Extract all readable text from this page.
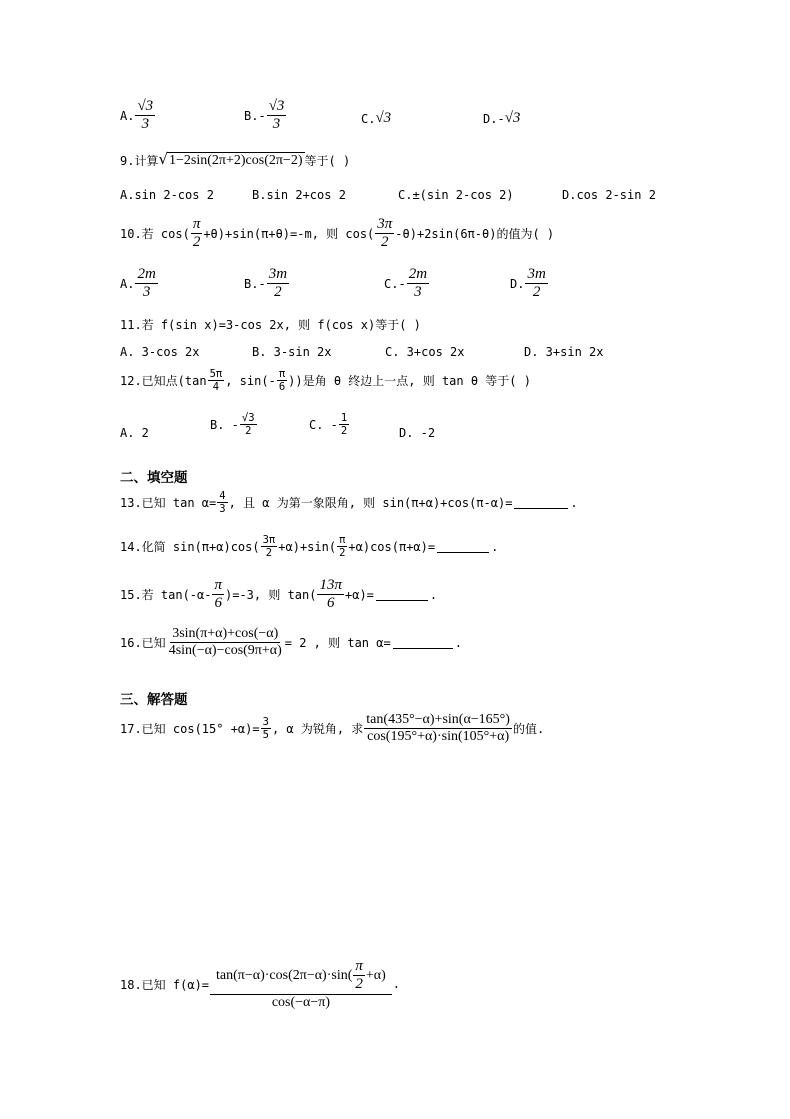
A. $\frac{√3}{3}$	$B.- \frac{√3}{3}$	C. √3	D.- √3
9.计算 √ 1−2sin(2π+2)cos(2π−2) 等于( )
A.sin 2-cos 2	B.sin 2+cos 2	C.±(sin 2-cos 2)	D.cos 2-sin 2
10.若 cos(
π
2 +θ)+sin(π+θ)=-m, 则 cos(
3π
2 -θ)+2sin(6π-θ)的值为( )
A.
2m
3
B.-
3m
2
C.-
2m
3
D.
3m
2
11.若 f(sin x)=3-cos 2x, 则 f(cos x)等于( )
A. 3-cos 2x	B. 3-sin 2x	C. 3+cos 2x	D. 3+sin 2x
12.已知点(tan
5π
4 , sin(- π
6 ))是角 θ 终边上一点, 则 tan θ 等于( )
A. 2
B. - √3
2	C. - 1
2	D. -2
二、填空题
13.已知 $\tan \alpha= \frac{4}{3}$ , 且 α 为第一象限角, 则 sin(π+α)+cos(π-α)=	.
14.化简 sin(π+α)cos(
3π
2 +α)+sin( π
2 +α)cos(π+α)=	.
15.若 tan(-α-
π
6 )=-3, 则 tan(
13π
6
+α)=	.
16.已知 $\frac{3\sin(\pi+\alpha)+\cos(-\alpha)}{4\sin(-\alpha)-\cos(9\pi+\alpha)} = 2$ , 则 tan α=	.
三、解答题
17.已知 $\cos(15^\circ +\alpha)= \frac{3}{5}$ , α 为锐角, 求
tan(435°−α)+sin(α−165°)
cos(195°+α)·sin(105°+α) 的值.
18.已知 f(α)= tan(π−α)·cos(2π−α)·sin(
π
2
+α)
cos(−α−π) .
